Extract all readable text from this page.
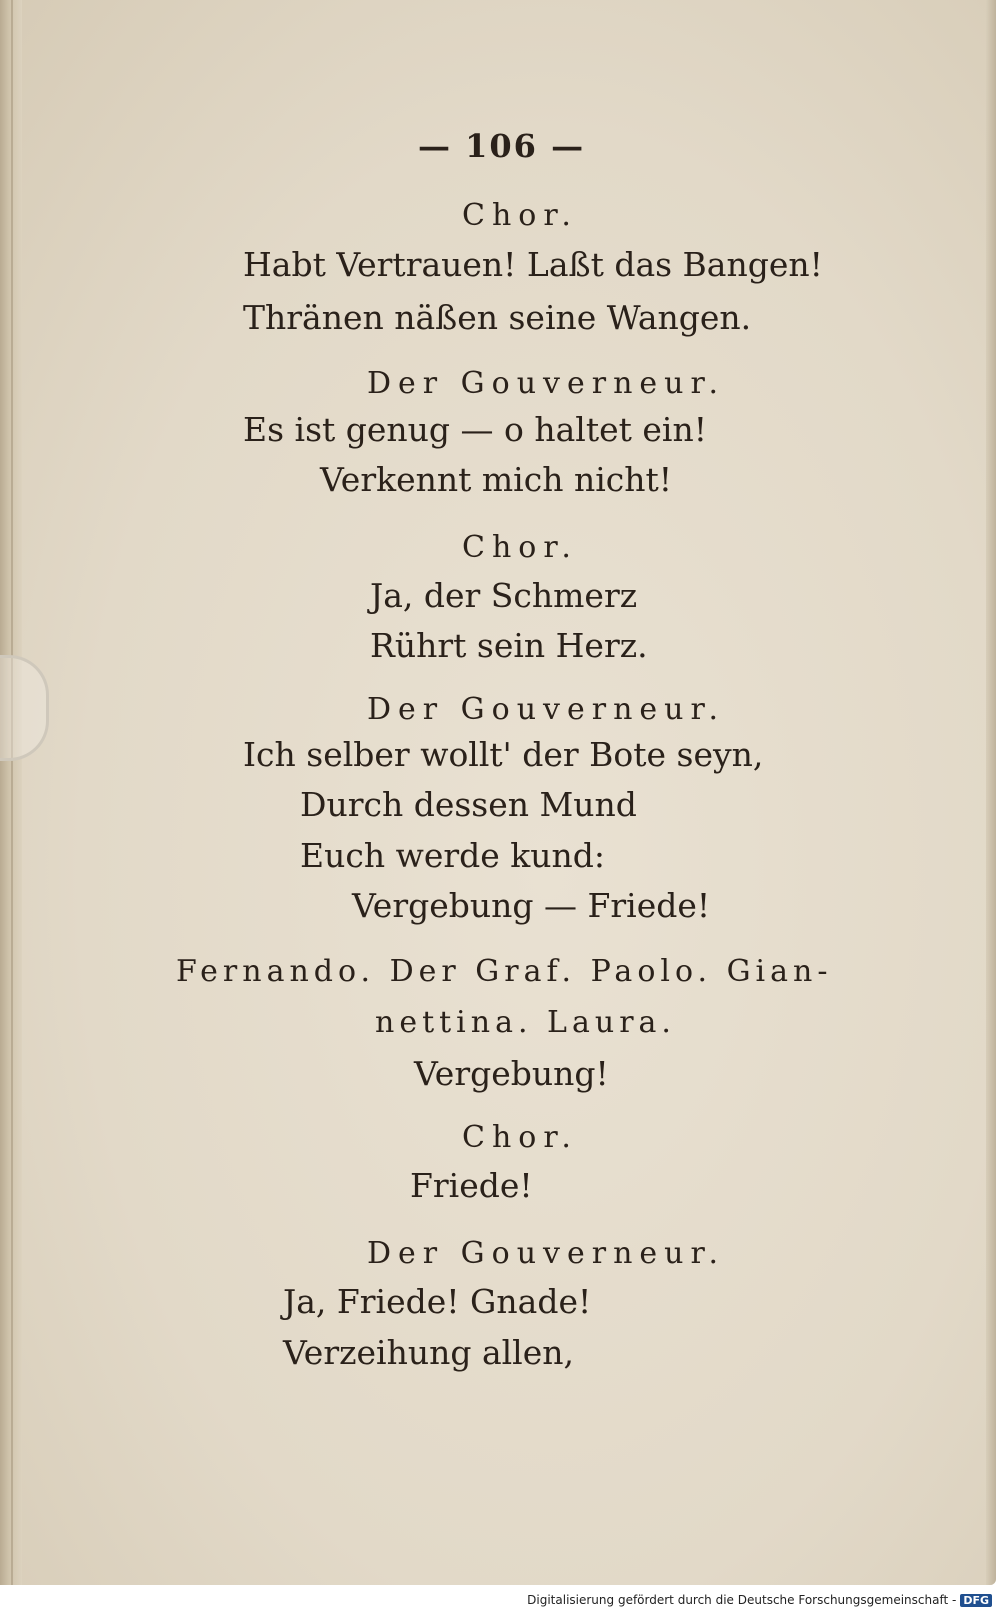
— 106 —
Chor.
Habt Vertrauen! Laßt das Bangen!
Thränen näßen seine Wangen.
Der Gouverneur.
Es ist genug — o haltet ein!
Verkennt mich nicht!
Chor.
Ja, der Schmerz
Rührt sein Herz.
Der Gouverneur.
Ich selber wollt' der Bote seyn,
Durch dessen Mund
Euch werde kund:
Vergebung — Friede!
Fernando. Der Graf. Paolo. Gian-
nettina. Laura.
Vergebung!
Chor.
Friede!
Der Gouverneur.
Ja, Friede! Gnade!
Verzeihung allen,
Digitalisierung gefördert durch die Deutsche Forschungsgemeinschaft - DFG
